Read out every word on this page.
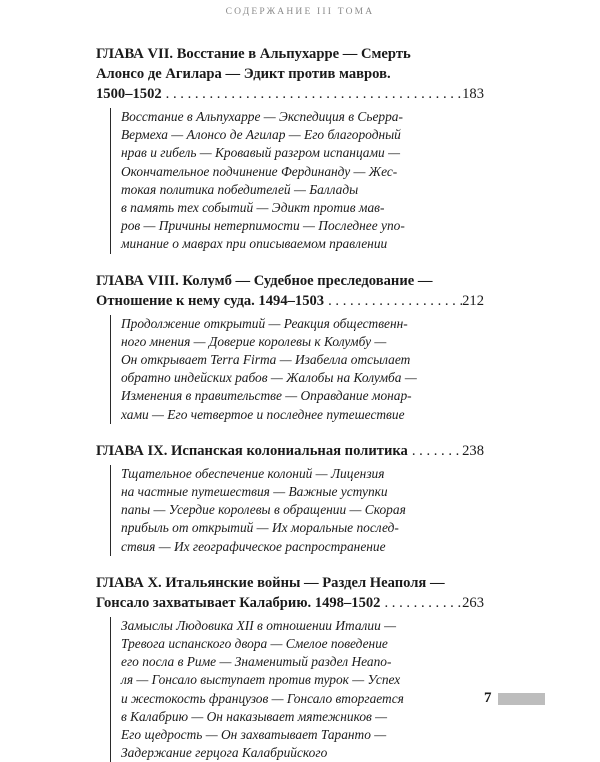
СОДЕРЖАНИЕ III ТОМА
ГЛАВА VII. Восстание в Альпухарре — Смерть
Алонсо де Агилара — Эдикт против мавров.
1500–1502 . . .	183
Восстание в Альпухарре — Экспедиция в Сьерра-
Вермеха — Алонсо де Агилар — Его благородный
нрав и гибель — Кровавый разгром испанцами —
Окончательное подчинение Фердинанду — Жес-
токая политика победителей — Баллады
в память тех событий — Эдикт против мав-
ров — Причины нетерпимости — Последнее упо-
минание о маврах при описываемом правлении
ГЛАВА VIII. Колумб — Судебное преследование —
Отношение к нему суда. 1494–1503 . . .	212
Продолжение открытий — Реакция общественн-
ного мнения — Доверие королевы к Колумбу —
Он открывает Terra Firma — Изабелла отсылает
обратно индейских рабов — Жалобы на Колумба —
Изменения в правительстве — Оправдание монар-
хами — Его четвертое и последнее путешествие
ГЛАВА IX. Испанская колониальная политика . . .	238
Тщательное обеспечение колоний — Лицензия
на частные путешествия — Важные уступки
папы — Усердие королевы в обращении — Скорая
прибыль от открытий — Их моральные послед-
ствия — Их географическое распространение
ГЛАВА X. Итальянские войны — Раздел Неаполя —
Гонсало захватывает Калабрию. 1498–1502 . . .	263
Замыслы Людовика XII в отношении Италии —
Тревога испанского двора — Смелое поведение
его посла в Риме — Знаменитый раздел Неапо-
ля — Гонсало выступает против турок — Успех
и жестокость французов — Гонсало вторгается
в Калабрию — Он наказывает мятежников —
Его щедрость — Он захватывает Таранто —
Задержание герцога Калабрийского
7
